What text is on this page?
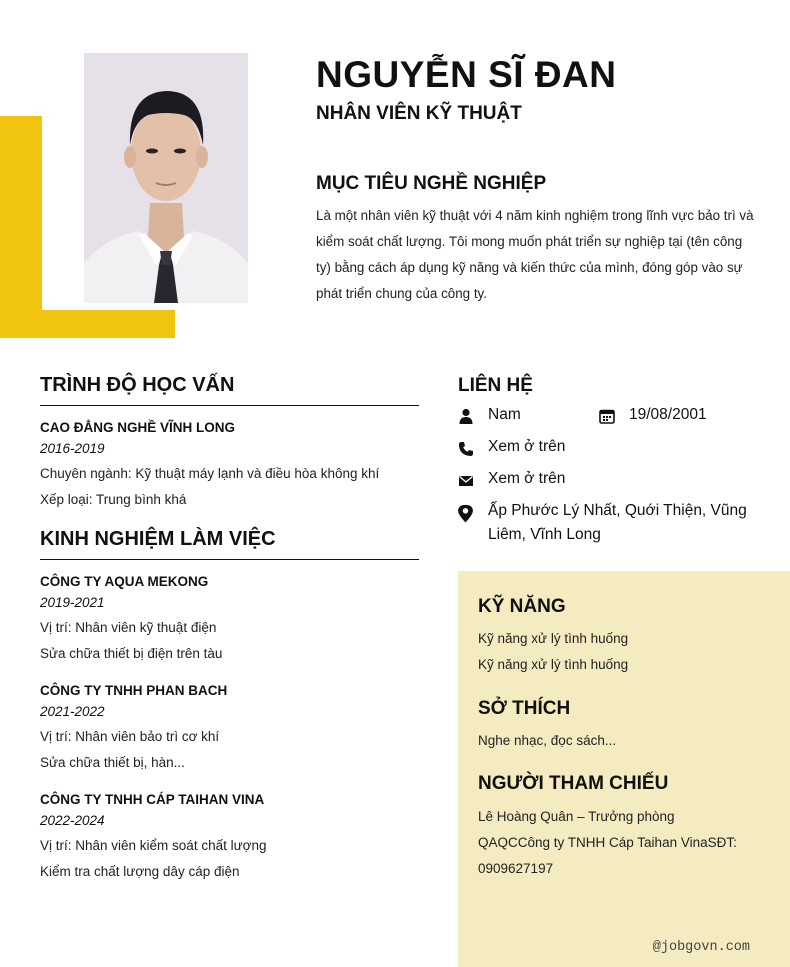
NGUYỄN SĨ ĐAN
NHÂN VIÊN KỸ THUẬT
MỤC TIÊU NGHỀ NGHIỆP
Là một nhân viên kỹ thuật với 4 năm kinh nghiệm trong lĩnh vực bảo trì và kiểm soát chất lượng. Tôi mong muốn phát triển sự nghiệp tại (tên công ty) bằng cách áp dụng kỹ năng và kiến thức của mình, đóng góp vào sự phát triển chung của công ty.
TRÌNH ĐỘ HỌC VẤN
CAO ĐẲNG NGHỀ VĨNH LONG
2016-2019
Chuyên ngành: Kỹ thuật máy lạnh và điều hòa không khí
Xếp loại: Trung bình khá
KINH NGHIỆM LÀM VIỆC
CÔNG TY AQUA MEKONG
2019-2021
Vị trí: Nhân viên kỹ thuật điện
Sửa chữa thiết bị điện trên tàu
CÔNG TY TNHH PHAN BACH
2021-2022
Vị trí: Nhân viên bảo trì cơ khí
Sửa chữa thiết bị, hàn...
CÔNG TY TNHH CÁP TAIHAN VINA
2022-2024
Vị trí: Nhân viên kiểm soát chất lượng
Kiểm tra chất lượng dây cáp điện
LIÊN HỆ
Nam	19/08/2001
Xem ở trên
Xem ở trên
Ấp Phước Lý Nhất, Quới Thiện, Vũng Liêm, Vĩnh Long
KỸ NĂNG
Kỹ năng xử lý tình huống
Kỹ năng xử lý tình huống
SỞ THÍCH
Nghe nhạc, đọc sách...
NGƯỜI THAM CHIẾU
Lê Hoàng Quân – Trưởng phòng QAQCCông ty TNHH Cáp Taihan VinaSĐT: 0909627197
@jobgovn.com
